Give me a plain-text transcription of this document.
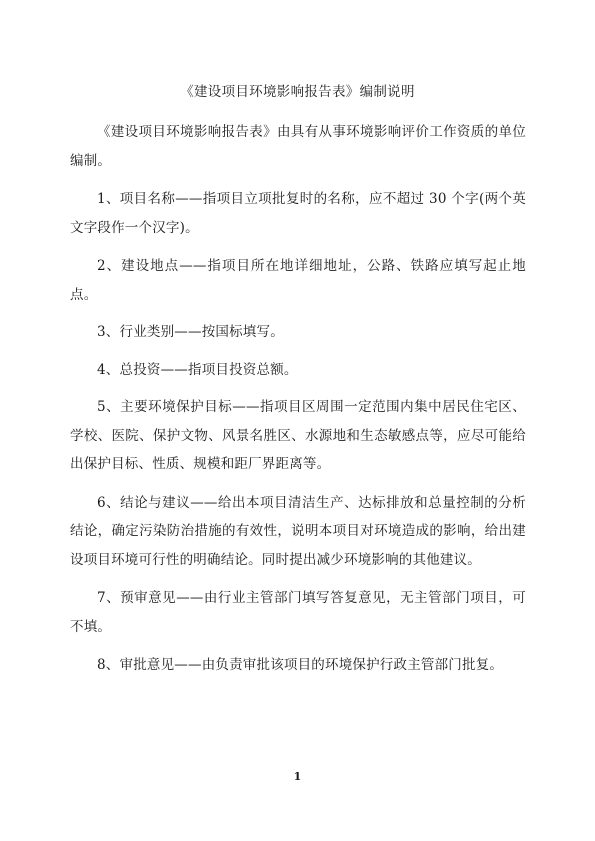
《建设项目环境影响报告表》编制说明

《建设项目环境影响报告表》由具有从事环境影响评价工作资质的单位编制。

1、项目名称——指项目立项批复时的名称，应不超过 30 个字(两个英文字段作一个汉字)。

2、建设地点——指项目所在地详细地址，公路、铁路应填写起止地点。

3、行业类别——按国标填写。

4、总投资——指项目投资总额。

5、主要环境保护目标——指项目区周围一定范围内集中居民住宅区、学校、医院、保护文物、风景名胜区、水源地和生态敏感点等，应尽可能给出保护目标、性质、规模和距厂界距离等。

6、结论与建议——给出本项目清洁生产、达标排放和总量控制的分析结论，确定污染防治措施的有效性，说明本项目对环境造成的影响，给出建设项目环境可行性的明确结论。同时提出减少环境影响的其他建议。

7、预审意见——由行业主管部门填写答复意见，无主管部门项目，可不填。

8、审批意见——由负责审批该项目的环境保护行政主管部门批复。

1
